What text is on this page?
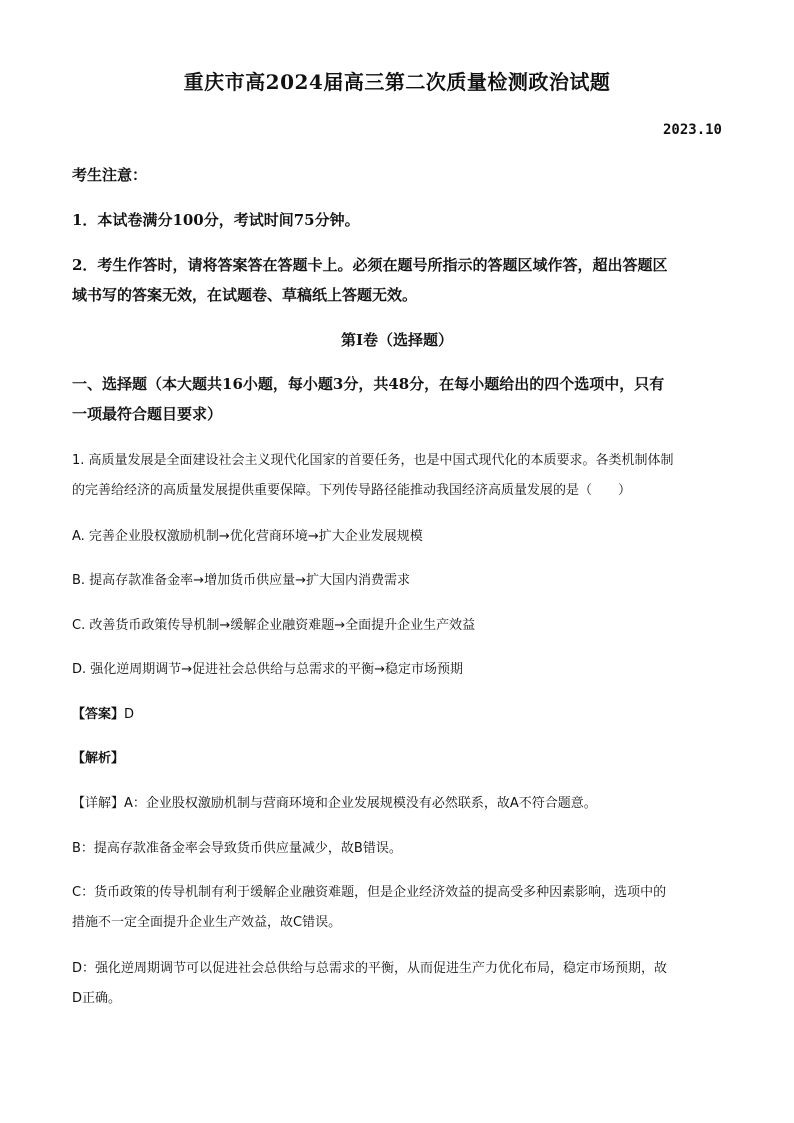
重庆市高2024届高三第二次质量检测政治试题
2023.10

考生注意：

1．本试卷满分100分，考试时间75分钟。

2．考生作答时，请将答案答在答题卡上。必须在题号所指示的答题区域作答，超出答题区
域书写的答案无效，在试题卷、草稿纸上答题无效。

第I卷（选择题）

一、选择题（本大题共16小题，每小题3分，共48分，在每小题给出的四个选项中，只有
一项最符合题目要求）
1. 高质量发展是全面建设社会主义现代化国家的首要任务，也是中国式现代化的本质要求。各类机制体制
的完善给经济的高质量发展提供重要保障。下列传导路径能推动我国经济高质量发展的是（　　）

A. 完善企业股权激励机制→优化营商环境→扩大企业发展规模

B. 提高存款准备金率→增加货币供应量→扩大国内消费需求

C. 改善货币政策传导机制→缓解企业融资难题→全面提升企业生产效益

D. 强化逆周期调节→促进社会总供给与总需求的平衡→稳定市场预期

【答案】D

【解析】

【详解】A：企业股权激励机制与营商环境和企业发展规模没有必然联系，故A不符合题意。

B：提高存款准备金率会导致货币供应量减少，故B错误。

C：货币政策的传导机制有利于缓解企业融资难题，但是企业经济效益的提高受多种因素影响，选项中的
措施不一定全面提升企业生产效益，故C错误。
D：强化逆周期调节可以促进社会总供给与总需求的平衡，从而促进生产力优化布局，稳定市场预期，故
D正确。
